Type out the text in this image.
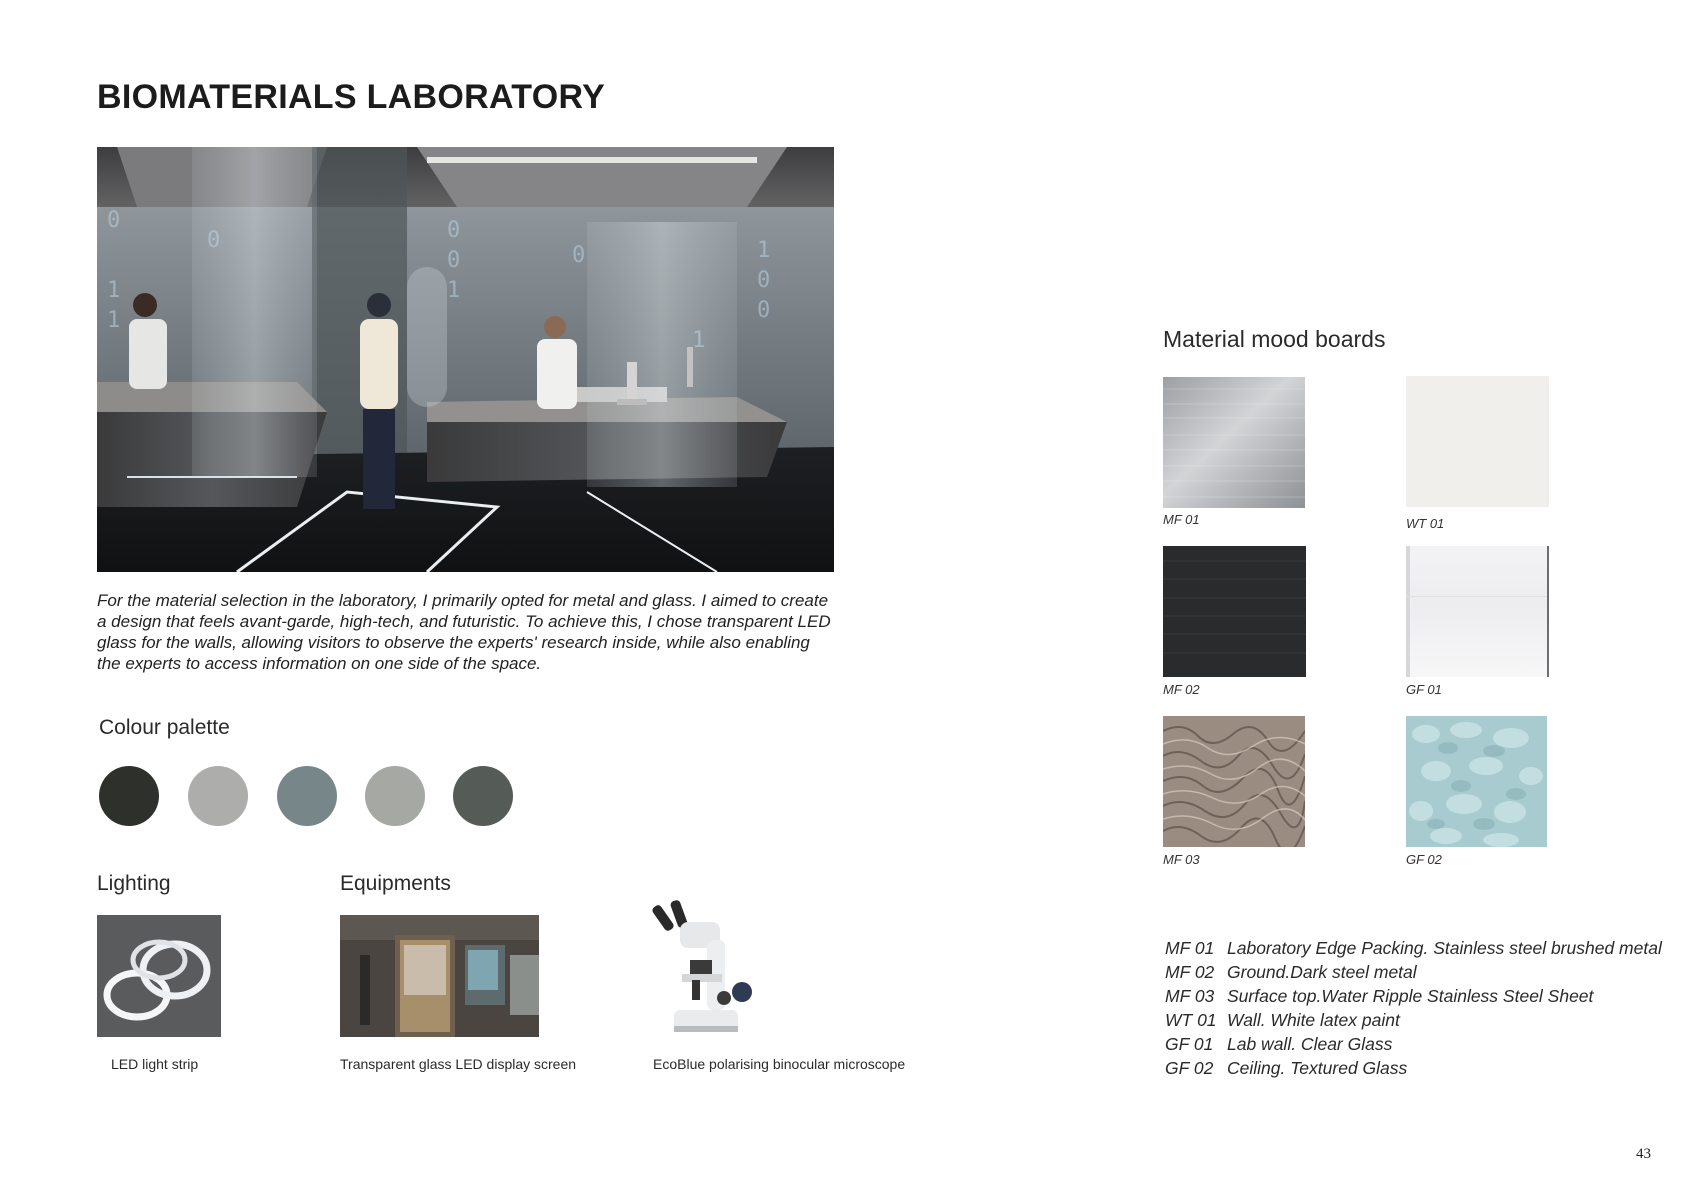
BIOMATERIALS LABORATORY
0
1
1
0
0
1
0	1
0
0
For the material selection in the laboratory, I primarily opted for metal and glass. I aimed to create a design that feels avant-garde, high-tech, and futuristic. To achieve this, I chose transparent LED glass for the walls, allowing visitors to observe the experts' research inside, while also enabling the experts to access information on one side of the space.
Colour palette
Lighting
LED light strip
Equipments
Transparent glass LED display screen	EcoBlue polarising binocular microscope
Material mood boards
MF 01	WT 01
MF 02	GF 01
MF 03	GF 02
MF 01 Laboratory Edge Packing. Stainless steel brushed metal
MF 02 Ground.Dark steel metal
MF 03 Surface top.Water Ripple Stainless Steel Sheet
WT 01 Wall. White latex paint
GF 01 Lab wall. Clear Glass
GF 02 Ceiling. Textured Glass
43
